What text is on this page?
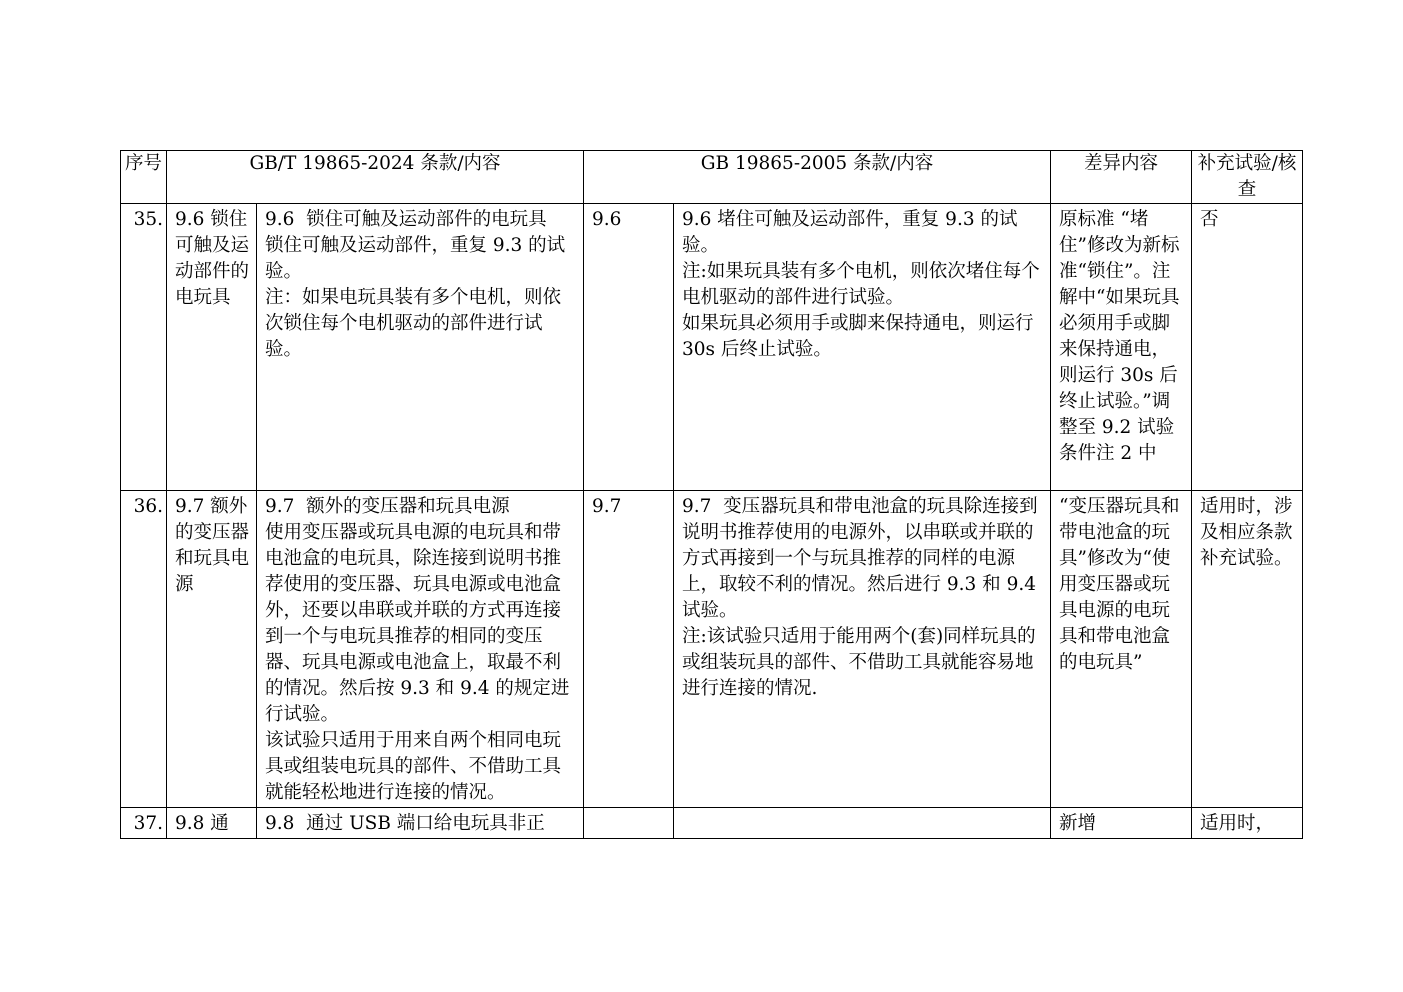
序号	GB/T 19865-2024 条款/内容		GB 19865-2005 条款/内容		差异内容	补充试验/核查
35.	9.6 锁住可触及运动部件的电玩具	9.6  锁住可触及运动部件的电玩具
锁住可触及运动部件，重复 9.3 的试验。
注：如果电玩具装有多个电机，则依次锁住每个电机驱动的部件进行试验。	9.6	9.6 堵住可触及运动部件，重复 9.3 的试验。
注:如果玩具装有多个电机，则依次堵住每个电机驱动的部件进行试验。
如果玩具必须用手或脚来保持通电，则运行 30s 后终止试验。	原标准 “堵住”修改为新标准“锁住”。注解中“如果玩具必须用手或脚来保持通电，则运行 30s 后终止试验。”调整至 9.2 试验条件注 2 中	否
36.	9.7 额外的变压器和玩具电源	9.7  额外的变压器和玩具电源
使用变压器或玩具电源的电玩具和带电池盒的电玩具，除连接到说明书推荐使用的变压器、玩具电源或电池盒外，还要以串联或并联的方式再连接到一个与电玩具推荐的相同的变压器、玩具电源或电池盒上，取最不利的情况。然后按 9.3 和 9.4 的规定进行试验。
该试验只适用于用来自两个相同电玩具或组装电玩具的部件、不借助工具就能轻松地进行连接的情况。	9.7	9.7  变压器玩具和带电池盒的玩具除连接到说明书推荐使用的电源外，以串联或并联的方式再接到一个与玩具推荐的同样的电源上，取较不利的情况。然后进行 9.3 和 9.4 试验。
注:该试验只适用于能用两个(套)同样玩具的或组装玩具的部件、不借助工具就能容易地进行连接的情况.	“变压器玩具和带电池盒的玩具”修改为“使用变压器或玩具电源的电玩具和带电池盒的电玩具”	适用时，涉及相应条款补充试验。
37.	9.8 通	9.8  通过 USB 端口给电玩具非正			新增	适用时，
